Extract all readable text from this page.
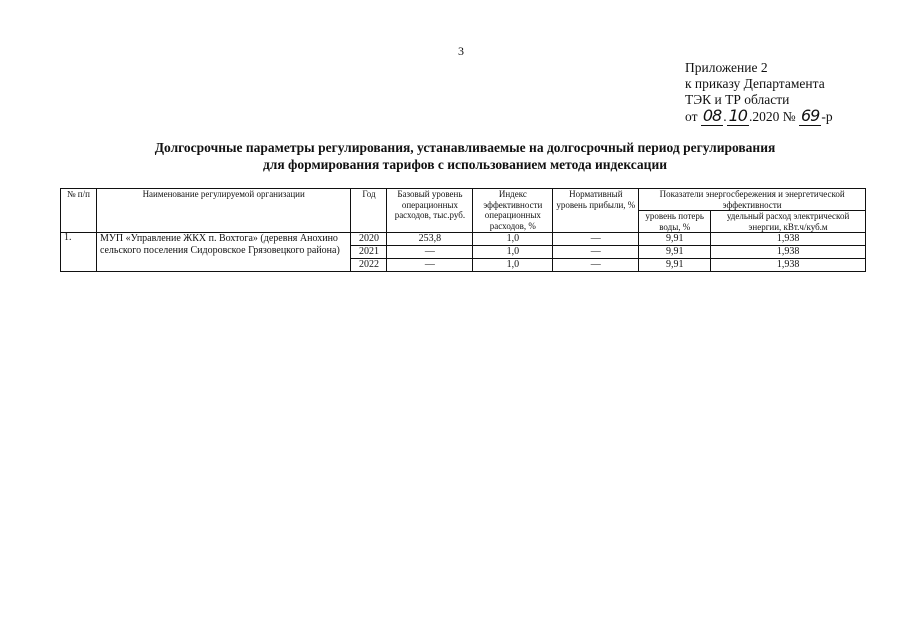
3
Приложение 2
к приказу Департамента
ТЭК и ТР области
от 08 . 10 .2020 № 69 -р
Долгосрочные параметры регулирования, устанавливаемые на долгосрочный период регулирования
для формирования тарифов с использованием метода индексации
№ п/п	Наименование регулируемой организации	Год	Базовый уровень операционных расходов, тыс.руб.	Индекс эффективности операционных расходов, %	Нормативный уровень прибыли, %	Показатели энергосбережения и энергетической эффективности	
						уровень потерь воды, %	удельный расход электрической энергии, кВт.ч/куб.м
1.	МУП «Управление ЖКХ п. Вохтога» (деревня Анохино сельского поселения Сидоровское Грязовецкого района)	2020	253,8	1,0	—	9,91	1,938
		2021	—	1,0	—	9,91	1,938
		2022	—	1,0	—	9,91	1,938
